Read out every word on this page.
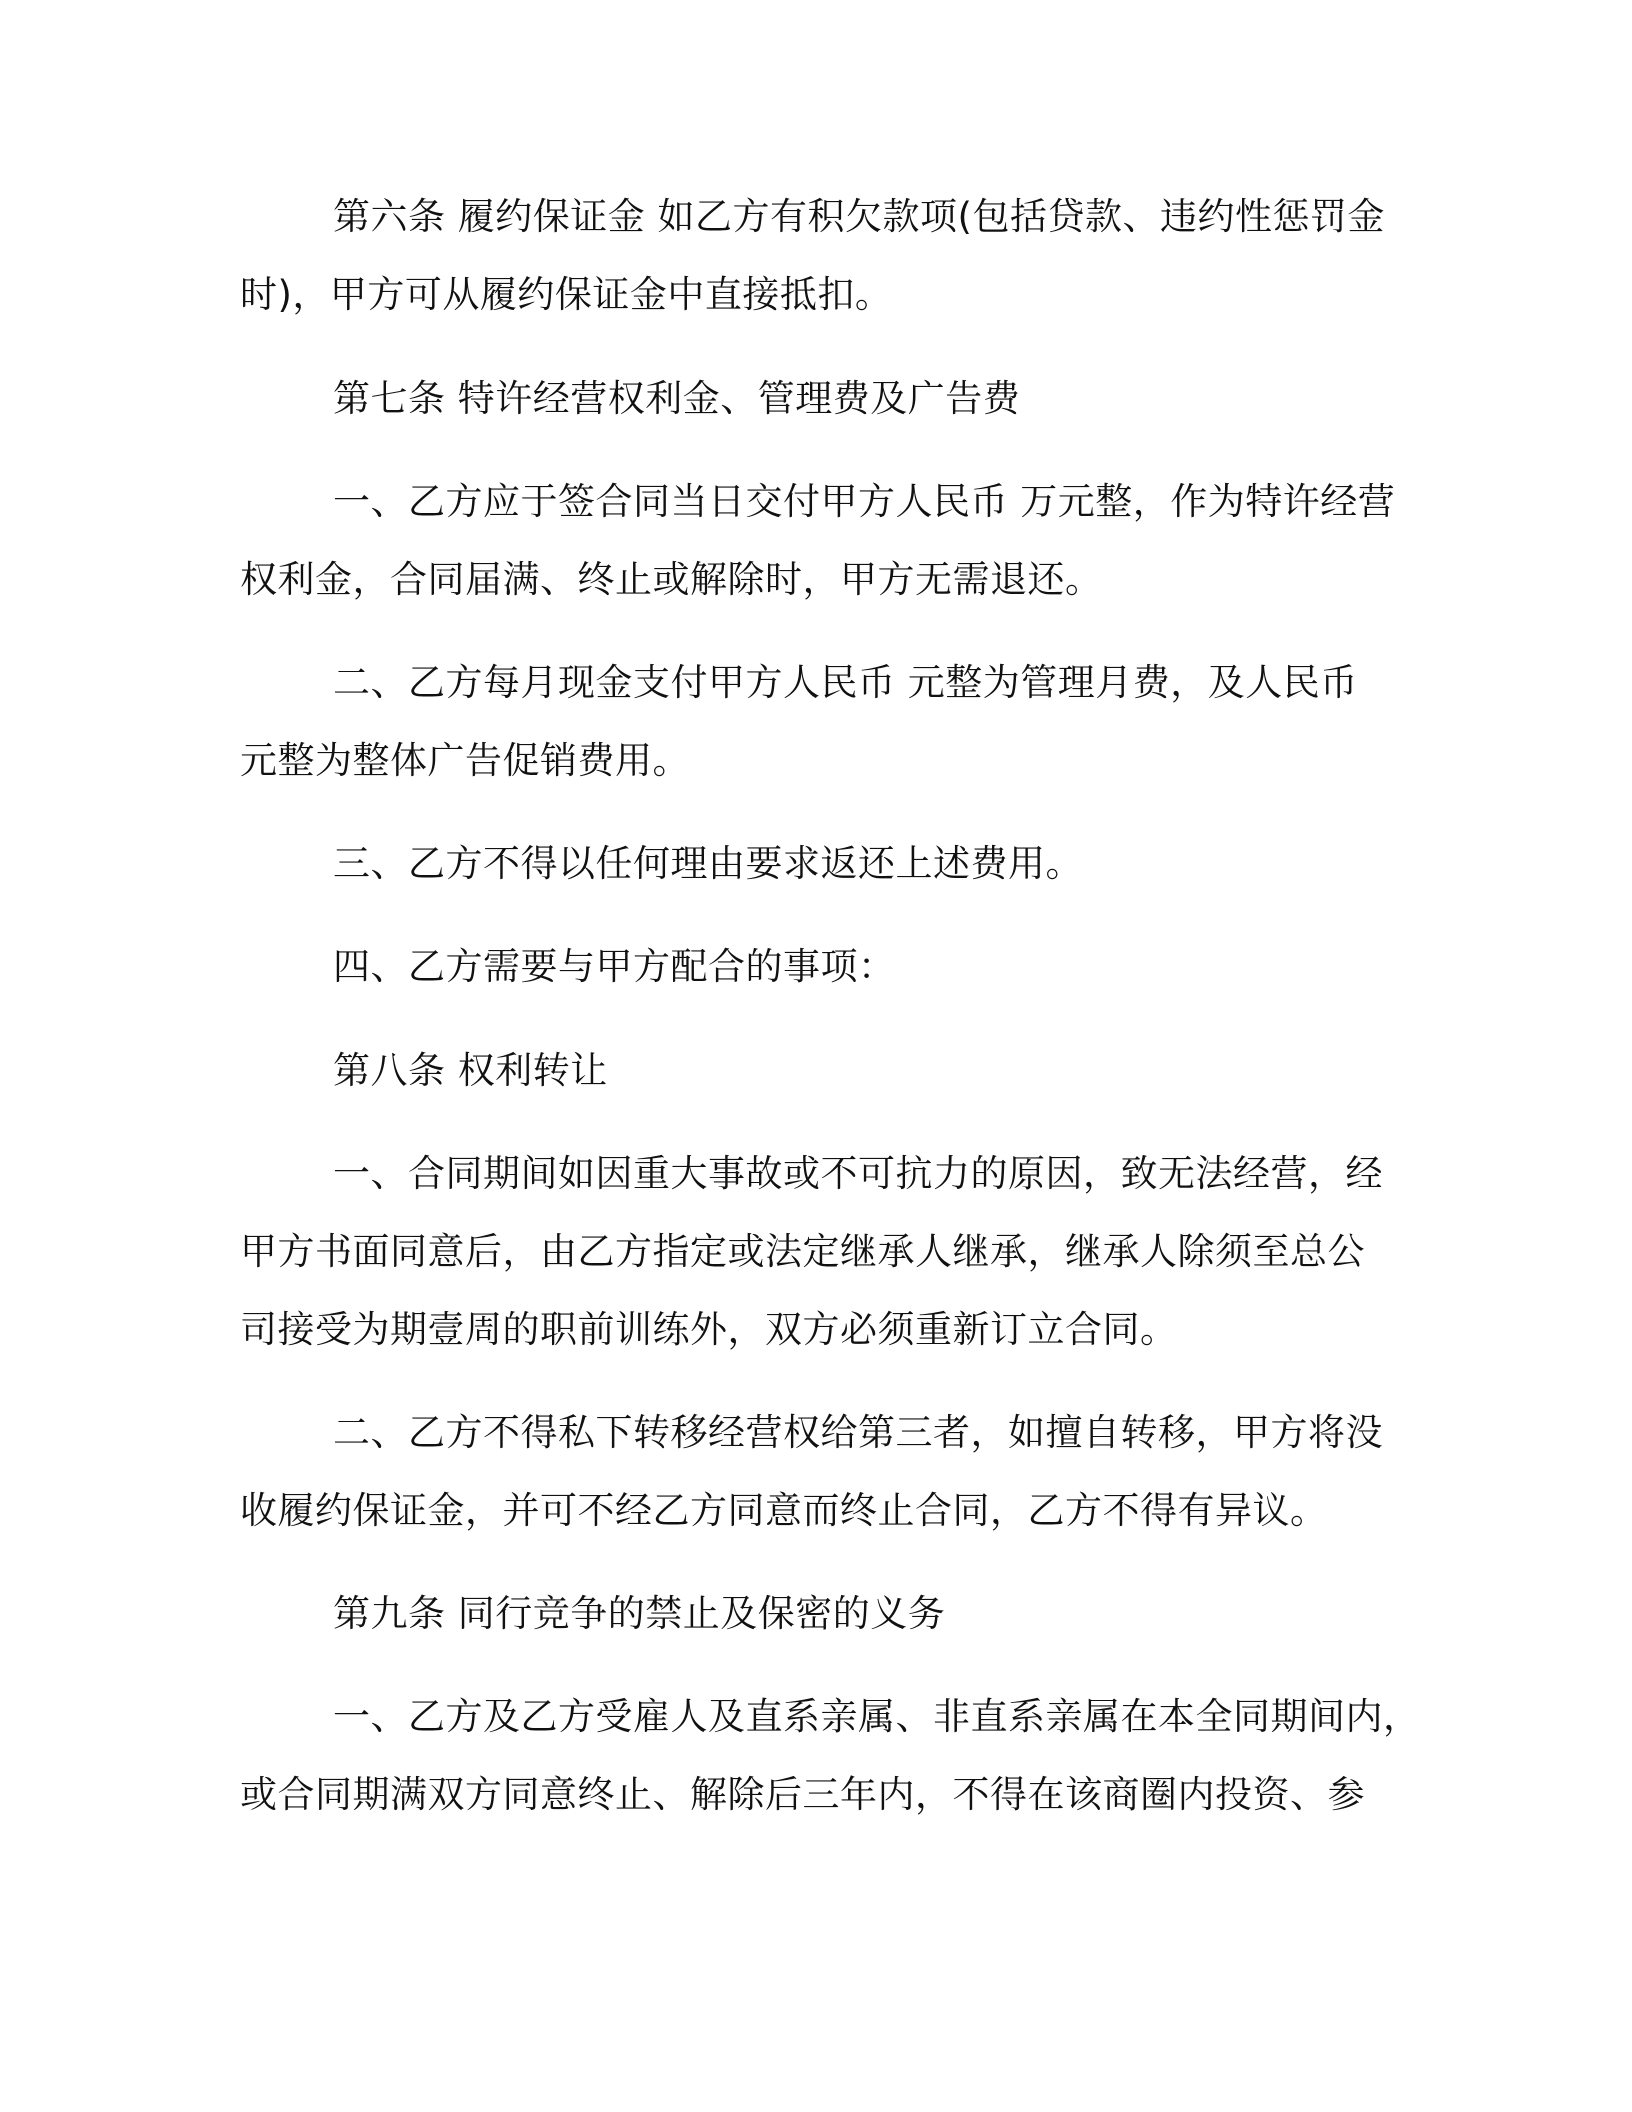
第六条 履约保证金 如乙方有积欠款项(包括贷款、违约性惩罚金
时)，甲方可从履约保证金中直接抵扣。
第七条 特许经营权利金、管理费及广告费
一、乙方应于签合同当日交付甲方人民币 万元整，作为特许经营
权利金，合同届满、终止或解除时，甲方无需退还。
二、乙方每月现金支付甲方人民币 元整为管理月费，及人民币
元整为整体广告促销费用。
三、乙方不得以任何理由要求返还上述费用。
四、乙方需要与甲方配合的事项：
第八条 权利转让
一、合同期间如因重大事故或不可抗力的原因，致无法经营，经
甲方书面同意后，由乙方指定或法定继承人继承，继承人除须至总公
司接受为期壹周的职前训练外，双方必须重新订立合同。
二、乙方不得私下转移经营权给第三者，如擅自转移，甲方将没
收履约保证金，并可不经乙方同意而终止合同，乙方不得有异议。
第九条 同行竞争的禁止及保密的义务
一、乙方及乙方受雇人及直系亲属、非直系亲属在本全同期间内，
或合同期满双方同意终止、解除后三年内，不得在该商圈内投资、参
